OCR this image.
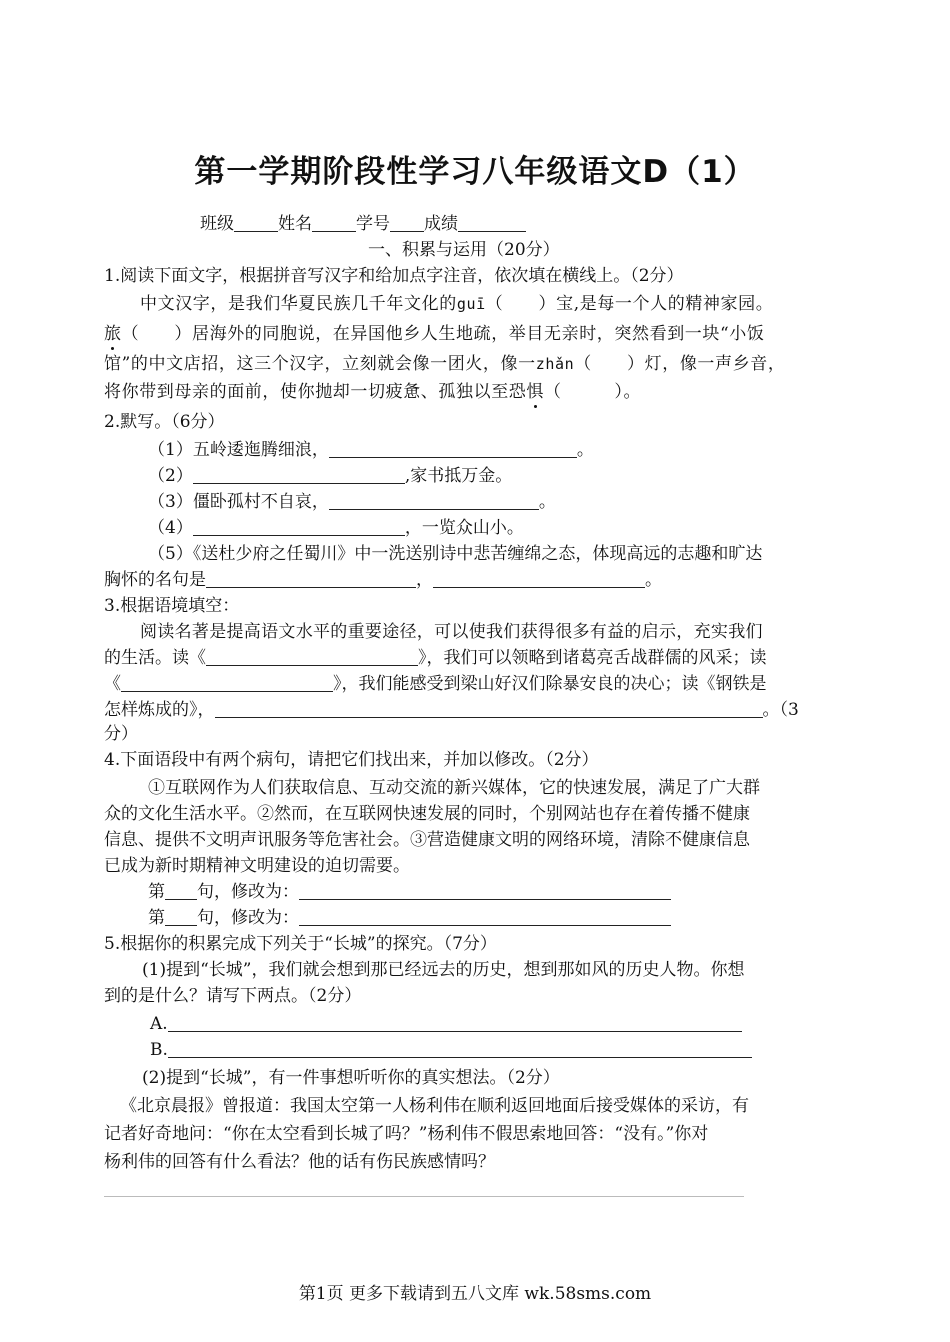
第一学期阶段性学习八年级语文D（1）
班级	姓名	学号 成绩
一、积累与运用（20分）
1.阅读下面文字，根据拼音写汉字和给加点字注音，依次填在横线上。（2分）
中文汉字，是我们华夏民族几千年文化的guī（　　）宝,是每一个人的精神家园。
旅（　　）居海外的同胞说，在异国他乡人生地疏，举目无亲时，突然看到一块“小饭
馆”的中文店招，这三个汉字，立刻就会像一团火，像一zhǎn（　　）灯，像一声乡音，
将你带到母亲的面前，使你抛却一切疲惫、孤独以至恐惧（　　　）。
2.默写。（6分）
（1）五岭逶迤腾细浪，	。
（2）	,家书抵万金。
（3）僵卧孤村不自哀，	。
（4）	，一览众山小。
（5）《送杜少府之任蜀川》中一洗送别诗中悲苦缠绵之态，体现高远的志趣和旷达
胸怀的名句是	，	。
3.根据语境填空：
阅读名著是提高语文水平的重要途径，可以使我们获得很多有益的启示，充实我们
的生活。读《	》，我们可以领略到诸葛亮舌战群儒的风采；读
《	》，我们能感受到梁山好汉们除暴安良的决心；读《钢铁是
怎样炼成的》，	。（3
分）
4.下面语段中有两个病句，请把它们找出来，并加以修改。（2分）
①互联网作为人们获取信息、互动交流的新兴媒体，它的快速发展，满足了广大群
众的文化生活水平。②然而，在互联网快速发展的同时，个别网站也存在着传播不健康
信息、提供不文明声讯服务等危害社会。③营造健康文明的网络环境，清除不健康信息
已成为新时期精神文明建设的迫切需要。
第 句，修改为：
第 句，修改为：
5.根据你的积累完成下列关于“长城”的探究。（7分）
(1)提到“长城”，我们就会想到那已经远去的历史，想到那如风的历史人物。你想
到的是什么？请写下两点。（2分）
A.
B.
(2)提到“长城”，有一件事想听听你的真实想法。（2分）
《北京晨报》曾报道：我国太空第一人杨利伟在顺利返回地面后接受媒体的采访，有
记者好奇地问：“你在太空看到长城了吗？”杨利伟不假思索地回答：“没有。”你对
杨利伟的回答有什么看法？他的话有伤民族感情吗？
第1页 更多下载请到五八文库 wk.58sms.com
